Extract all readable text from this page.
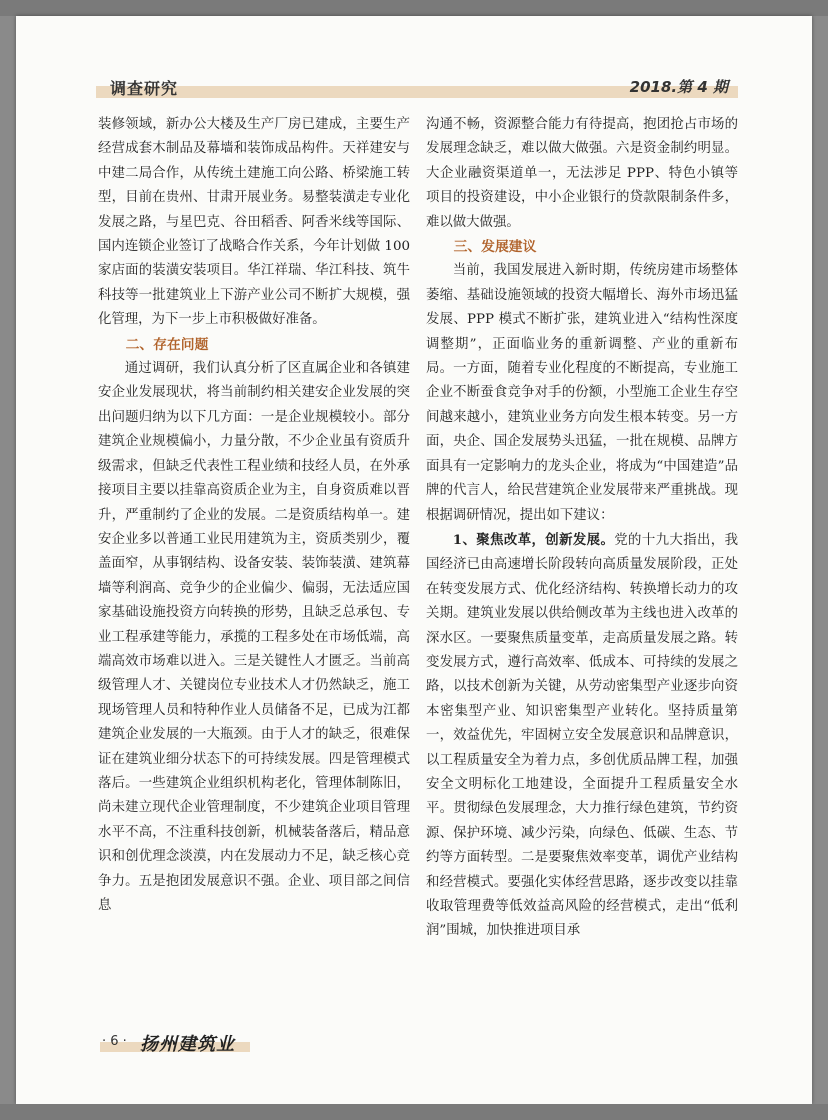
调查研究	2018.第 4 期

装修领域，新办公大楼及生产厂房已建成，主要生产经营成套木制品及幕墙和装饰成品构件。天祥建安与中建二局合作，从传统土建施工向公路、桥梁施工转型，目前在贵州、甘肃开展业务。易整装潢走专业化发展之路，与星巴克、谷田稻香、阿香米线等国际、国内连锁企业签订了战略合作关系，今年计划做 100 家店面的装潢安装项目。华江祥瑞、华江科技、筑牛科技等一批建筑业上下游产业公司不断扩大规模，强化管理，为下一步上市积极做好准备。

二、存在问题

通过调研，我们认真分析了区直属企业和各镇建安企业发展现状，将当前制约相关建安企业发展的突出问题归纳为以下几方面：一是企业规模较小。部分建筑企业规模偏小，力量分散，不少企业虽有资质升级需求，但缺乏代表性工程业绩和技经人员，在外承接项目主要以挂靠高资质企业为主，自身资质难以晋升，严重制约了企业的发展。二是资质结构单一。建安企业多以普通工业民用建筑为主，资质类别少，覆盖面窄，从事钢结构、设备安装、装饰装潢、建筑幕墙等利润高、竞争少的企业偏少、偏弱，无法适应国家基础设施投资方向转换的形势，且缺乏总承包、专业工程承建等能力，承揽的工程多处在市场低端，高端高效市场难以进入。三是关键性人才匮乏。当前高级管理人才、关键岗位专业技术人才仍然缺乏，施工现场管理人员和特种作业人员储备不足，已成为江都建筑企业发展的一大瓶颈。由于人才的缺乏，很难保证在建筑业细分状态下的可持续发展。四是管理模式落后。一些建筑企业组织机构老化，管理体制陈旧，尚未建立现代企业管理制度，不少建筑企业项目管理水平不高，不注重科技创新，机械装备落后，精品意识和创优理念淡漠，内在发展动力不足，缺乏核心竞争力。五是抱团发展意识不强。企业、项目部之间信息

沟通不畅，资源整合能力有待提高，抱团抢占市场的发展理念缺乏，难以做大做强。六是资金制约明显。大企业融资渠道单一，无法涉足 PPP、特色小镇等项目的投资建设，中小企业银行的贷款限制条件多，难以做大做强。

三、发展建议

当前，我国发展进入新时期，传统房建市场整体萎缩、基础设施领域的投资大幅增长、海外市场迅猛发展、PPP 模式不断扩张，建筑业进入“结构性深度调整期”，正面临业务的重新调整、产业的重新布局。一方面，随着专业化程度的不断提高，专业施工企业不断蚕食竞争对手的份额，小型施工企业生存空间越来越小，建筑业业务方向发生根本转变。另一方面，央企、国企发展势头迅猛，一批在规模、品牌方面具有一定影响力的龙头企业，将成为“中国建造”品牌的代言人，给民营建筑企业发展带来严重挑战。现根据调研情况，提出如下建议：

1、聚焦改革，创新发展。党的十九大指出，我国经济已由高速增长阶段转向高质量发展阶段，正处在转变发展方式、优化经济结构、转换增长动力的攻关期。建筑业发展以供给侧改革为主线也进入改革的深水区。一要聚焦质量变革，走高质量发展之路。转变发展方式，遵行高效率、低成本、可持续的发展之路，以技术创新为关键，从劳动密集型产业逐步向资本密集型产业、知识密集型产业转化。坚持质量第一，效益优先，牢固树立安全发展意识和品牌意识，以工程质量安全为着力点，多创优质品牌工程，加强安全文明标化工地建设，全面提升工程质量安全水平。贯彻绿色发展理念，大力推行绿色建筑，节约资源、保护环境、减少污染，向绿色、低碳、生态、节约等方面转型。二是要聚焦效率变革，调优产业结构和经营模式。要强化实体经营思路，逐步改变以挂靠收取管理费等低效益高风险的经营模式，走出“低利润”围城，加快推进项目承

· 6 · 扬州建筑业
